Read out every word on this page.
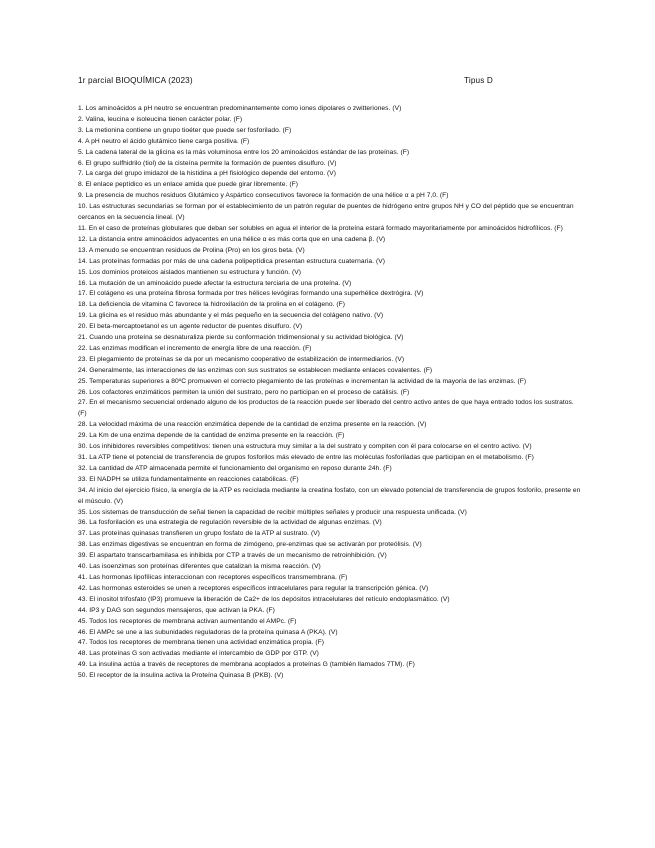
1r parcial BIOQUÍMICA (2023)	Tipus D
1. Los aminoácidos a pH neutro se encuentran predominantemente como iones dipolares o zwitteriones. (V)
2. Valina, leucina e isoleucina tienen carácter polar. (F)
3. La metionina contiene un grupo tioéter que puede ser fosforilado. (F)
4. A pH neutro el ácido glutámico tiene carga positiva. (F)
5. La cadena lateral de la glicina es la más voluminosa entre los 20 aminoácidos estándar de las proteínas. (F)
6. El grupo sulfhidrilo (tiol) de la cisteína permite la formación de puentes disulfuro. (V)
7. La carga del grupo imidazol de la histidina a pH fisiológico depende del entorno. (V)
8. El enlace peptídico es un enlace amida que puede girar libremente. (F)
9. La presencia de muchos residuos Glutámico y Aspártico consecutivos favorece la formación de una hélice α a pH 7,0. (F)
10. Las estructuras secundarias se forman por el establecimiento de un patrón regular de puentes de hidrógeno entre grupos NH y CO del péptido que se encuentran cercanos en la secuencia lineal. (V)
11. En el caso de proteínas globulares que deban ser solubles en agua el interior de la proteína estará formado mayoritariamente por aminoácidos hidrofílicos. (F)
12. La distancia entre aminoácidos adyacentes en una hélice α es más corta que en una cadena β. (V)
13. A menudo se encuentran residuos de Prolina (Pro) en los giros beta. (V)
14. Las proteínas formadas por más de una cadena polipeptídica presentan estructura cuaternaria. (V)
15. Los dominios proteicos aislados mantienen su estructura y función. (V)
16. La mutación de un aminoácido puede afectar la estructura terciaria de una proteína. (V)
17. El colágeno es una proteína fibrosa formada por tres hélices levógiras formando una superhélice dextrógira. (V)
18. La deficiencia de vitamina C favorece la hidroxilación de la prolina en el colágeno. (F)
19. La glicina es el residuo más abundante y el más pequeño en la secuencia del colágeno nativo. (V)
20. El beta-mercaptoetanol es un agente reductor de puentes disulfuro. (V)
21. Cuando una proteína se desnaturaliza pierde su conformación tridimensional y su actividad biológica. (V)
22. Las enzimas modifican el incremento de energía libre de una reacción. (F)
23. El plegamiento de proteínas se da por un mecanismo cooperativo de estabilización de intermediarios. (V)
24. Generalmente, las interacciones de las enzimas con sus sustratos se establecen mediante enlaces covalentes. (F)
25. Temperaturas superiores a 80ºC promueven el correcto plegamiento de las proteínas e incrementan la actividad de la mayoría de las enzimas. (F)
26. Los cofactores enzimáticos permiten la unión del sustrato, pero no participan en el proceso de catálisis. (F)
27. En el mecanismo secuencial ordenado alguno de los productos de la reacción puede ser liberado del centro activo antes de que haya entrado todos los sustratos. (F)
28. La velocidad máxima de una reacción enzimática depende de la cantidad de enzima presente en la reacción. (V)
29. La Km de una enzima depende de la cantidad de enzima presente en la reacción. (F)
30. Los inhibidores reversibles competitivos: tienen una estructura muy similar a la del sustrato y compiten con él para colocarse en el centro activo. (V)
31. La ATP tiene el potencial de transferencia de grupos fosforilos más elevado de entre las moléculas fosforiladas que participan en el metabolismo. (F)
32. La cantidad de ATP almacenada permite el funcionamiento del organismo en reposo durante 24h. (F)
33. El NADPH se utiliza fundamentalmente en reacciones catabólicas. (F)
34. Al inicio del ejercicio físico, la energía de la ATP es reciclada mediante la creatina fosfato, con un elevado potencial de transferencia de grupos fosforilo, presente en el músculo. (V)
35. Los sistemas de transducción de señal tienen la capacidad de recibir múltiples señales y producir una respuesta unificada. (V)
36. La fosforilación es una estrategia de regulación reversible de la actividad de algunas enzimas. (V)
37. Las proteínas quinasas transfieren un grupo fosfato de la ATP al sustrato. (V)
38. Las enzimas digestivas se encuentran en forma de zimógeno, pre-enzimas que se activarán por proteólisis. (V)
39. El aspartato transcarbamilasa es inhibida por CTP a través de un mecanismo de retroinhibición. (V)
40. Las isoenzimas son proteínas diferentes que catalizan la misma reacción. (V)
41. Las hormonas lipofílicas interaccionan con receptores específicos transmembrana. (F)
42. Las hormonas esteroides se unen a receptores específicos intracelulares para regular la transcripción génica. (V)
43. El inositol trifosfato (IP3) promueve la liberación de Ca2+ de los depósitos intracelulares del retículo endoplasmático. (V)
44. IP3 y DAG son segundos mensajeros, que activan la PKA. (F)
45. Todos los receptores de membrana activan aumentando el AMPc. (F)
46. El AMPc se une a las subunidades reguladoras de la proteína quinasa A (PKA). (V)
47. Todos los receptores de membrana tienen una actividad enzimática propia. (F)
48. Las proteínas G son activadas mediante el intercambio de GDP por GTP. (V)
49. La insulina actúa a través de receptores de membrana acoplados a proteínas G (también llamados 7TM). (F)
50. El receptor de la insulina activa la Proteína Quinasa B (PKB). (V)
